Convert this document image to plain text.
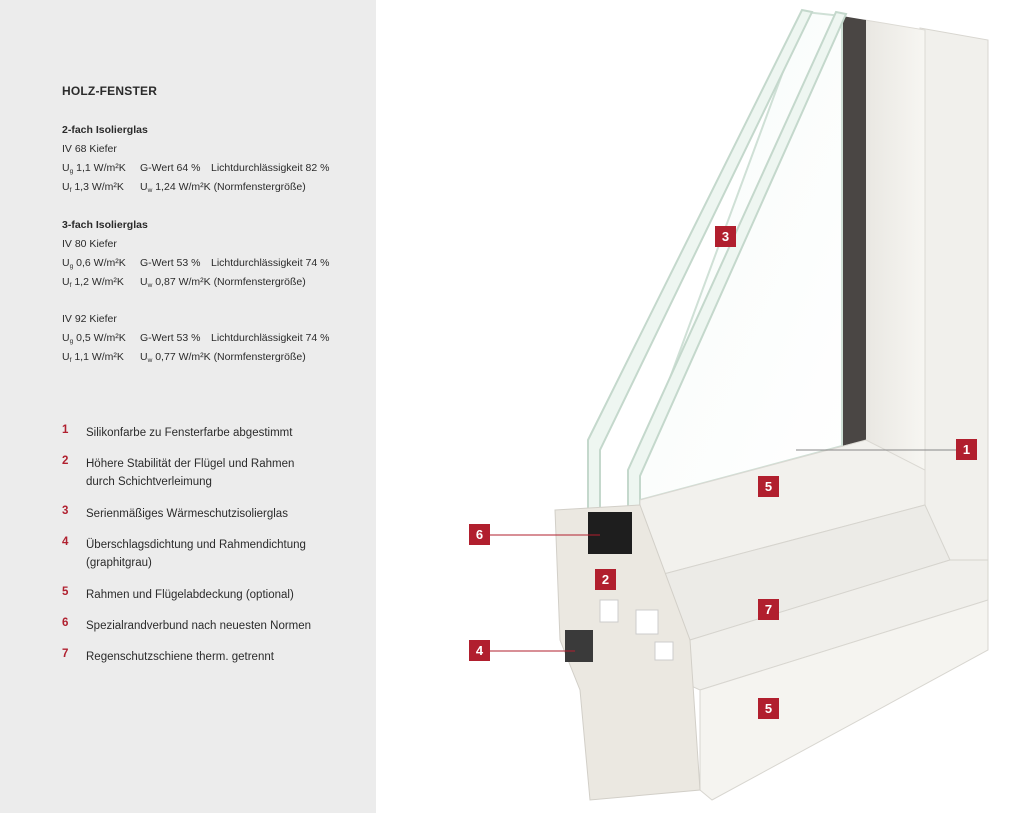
HOLZ-FENSTER
2-fach Isolierglas
IV 68 Kiefer
$U_g$ 1,1 W/m²K G-Wert 64 % Lichtdurchlässigkeit 82 %
$U_f$ 1,3 W/m²K $U_w$ 1,24 W/m²K (Normfenstergröße)
3-fach Isolierglas
IV 80 Kiefer
$U_g$ 0,6 W/m²K G-Wert 53 % Lichtdurchlässigkeit 74 %
$U_f$ 1,2 W/m²K $U_w$ 0,87 W/m²K (Normfenstergröße)
IV 92 Kiefer
$U_g$ 0,5 W/m²K G-Wert 53 % Lichtdurchlässigkeit 74 %
$U_f$ 1,1 W/m²K $U_w$ 0,77 W/m²K (Normfenstergröße)
1 Silikonfarbe zu Fensterfarbe abgestimmt
2 Höhere Stabilität der Flügel und Rahmen
durch Schichtverleimung
3 Serienmäßiges Wärmeschutzisolierglas
4 Überschlagsdichtung und Rahmendichtung
(graphitgrau)
5 Rahmen und Flügelabdeckung (optional)
6 Spezialrandverbund nach neuesten Normen
7 Regenschutzschiene therm. getrennt
3
1
5
6
2
7
4
5
